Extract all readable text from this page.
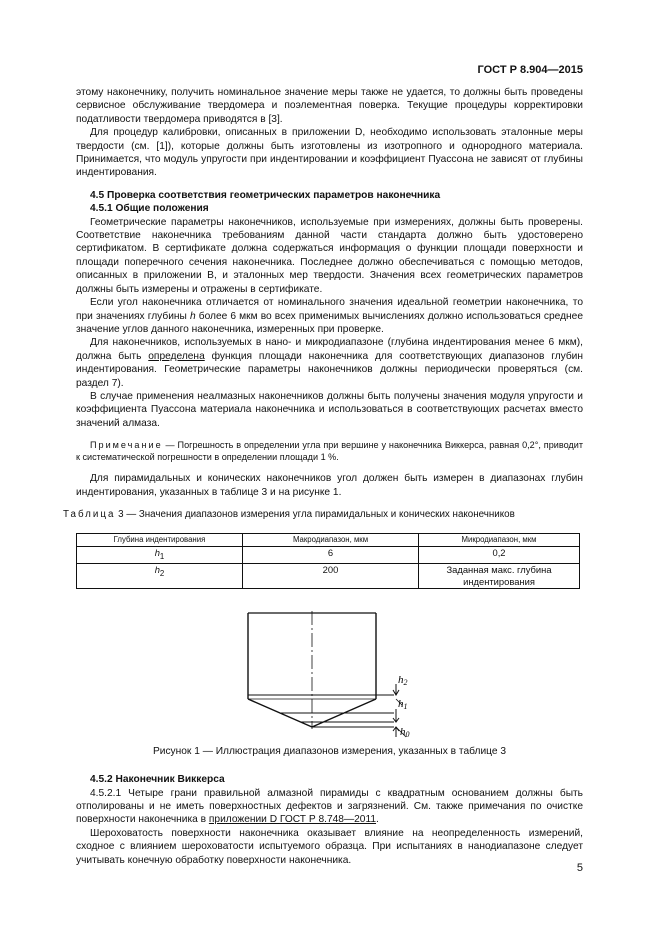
ГОСТ Р 8.904—2015

этому наконечнику, получить номинальное значение меры также не удается, то должны быть проведены сервисное обслуживание твердомера и поэлементная поверка. Текущие процедуры корректировки податливости твердомера приводятся в [3].

Для процедур калибровки, описанных в приложении D, необходимо использовать эталонные меры твердости (см. [1]), которые должны быть изготовлены из изотропного и однородного материала. Принимается, что модуль упругости при индентировании и коэффициент Пуассона не зависят от глубины индентирования.

4.5 Проверка соответствия геометрических параметров наконечника
4.5.1 Общие положения

Геометрические параметры наконечников, используемые при измерениях, должны быть проверены. Соответствие наконечника требованиям данной части стандарта должно быть удостоверено сертификатом. В сертификате должна содержаться информация о функции площади поверхности и площади поперечного сечения наконечника. Последнее должно обеспечиваться с помощью методов, описанных в приложении В, и эталонных мер твердости. Значения всех геометрических параметров должны быть измерены и отражены в сертификате.

Если угол наконечника отличается от номинального значения идеальной геометрии наконечника, то при значениях глубины h более 6 мкм во всех применимых вычислениях должно использоваться среднее значение углов данного наконечника, измеренных при проверке.

Для наконечников, используемых в нано- и микродиапазоне (глубина индентирования менее 6 мкм), должна быть определена функция площади наконечника для соответствующих диапазонов глубин индентирования. Геометрические параметры наконечников должны периодически проверяться (см. раздел 7).

В случае применения неалмазных наконечников должны быть получены значения модуля упругости и коэффициента Пуассона материала наконечника и использоваться в соответствующих расчетах вместо значений алмаза.

Примечание — Погрешность в определении угла при вершине у наконечника Виккерса, равная 0,2°, приводит к систематической погрешности в определении площади 1 %.

Для пирамидальных и конических наконечников угол должен быть измерен в диапазонах глубин индентирования, указанных в таблице 3 и на рисунке 1.

Таблица 3 — Значения диапазонов измерения угла пирамидальных и конических наконечников
Глубина индентирования	Макродиапазон, мкм	Микродиапазон, мкм
$h_1$	6	0,2
$h_2$	200	Заданная макс. глубина индентирования
h2
h1
h0

Рисунок 1 — Иллюстрация диапазонов измерения, указанных в таблице 3

4.5.2 Наконечник Виккерса

4.5.2.1 Четыре грани правильной алмазной пирамиды с квадратным основанием должны быть отполированы и не иметь поверхностных дефектов и загрязнений. См. также примечания по очистке поверхности наконечника в приложении D ГОСТ Р 8.748—2011.

Шероховатость поверхности наконечника оказывает влияние на неопределенность измерений, сходное с влиянием шероховатости испытуемого образца. При испытаниях в нанодиапазоне следует учитывать конечную обработку поверхности наконечника.

5
